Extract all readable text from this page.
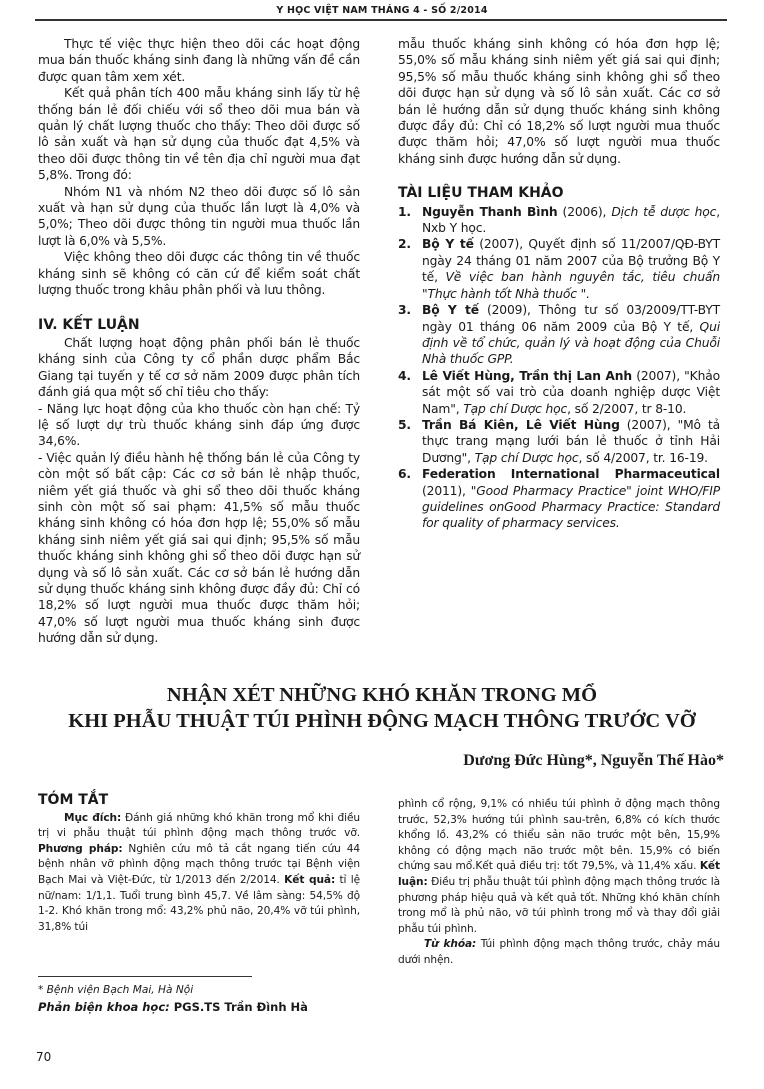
Y HỌC VIỆT NAM THÁNG 4 - SỐ 2/2014

Thực tế việc thực hiện theo dõi các hoạt động mua bán thuốc kháng sinh đang là những vấn đề cần được quan tâm xem xét.

Kết quả phân tích 400 mẫu kháng sinh lấy từ hệ thống bán lẻ đối chiếu với sổ theo dõi mua bán và quản lý chất lượng thuốc cho thấy: Theo dõi được số lô sản xuất và hạn sử dụng của thuốc đạt 4,5% và theo dõi được thông tin về tên địa chỉ người mua đạt 5,8%. Trong đó:

Nhóm N1 và nhóm N2 theo dõi được số lô sản xuất và hạn sử dụng của thuốc lần lượt là 4,0% và 5,0%; Theo dõi được thông tin người mua thuốc lần lượt là 6,0% và 5,5%.

Việc không theo dõi được các thông tin về thuốc kháng sinh sẽ không có căn cứ để kiểm soát chất lượng thuốc trong khâu phân phối và lưu thông.

IV. KẾT LUẬN

Chất lượng hoạt động phân phối bán lẻ thuốc kháng sinh của Công ty cổ phần dược phẩm Bắc Giang tại tuyến y tế cơ sở năm 2009 được phân tích đánh giá qua một số chỉ tiêu cho thấy:

- Năng lực hoạt động của kho thuốc còn hạn chế: Tỷ lệ số lượt dự trù thuốc kháng sinh đáp ứng được 34,6%.

- Việc quản lý điều hành hệ thống bán lẻ của Công ty còn một số bất cập: Các cơ sở bán lẻ nhập thuốc, niêm yết giá thuốc và ghi sổ theo dõi thuốc kháng sinh còn một số sai phạm: 41,5% số mẫu thuốc kháng sinh không có hóa đơn hợp lệ; 55,0% số mẫu kháng sinh niêm yết giá sai qui định; 95,5% số mẫu thuốc kháng sinh không ghi sổ theo dõi được hạn sử dụng và số lô sản xuất. Các cơ sở bán lẻ hướng dẫn sử dụng thuốc kháng sinh không được đầy đủ: Chỉ có 18,2% số lượt người mua thuốc được thăm hỏi; 47,0% số lượt người mua thuốc kháng sinh được hướng dẫn sử dụng.

mẫu thuốc kháng sinh không có hóa đơn hợp lệ; 55,0% số mẫu kháng sinh niêm yết giá sai qui định; 95,5% số mẫu thuốc kháng sinh không ghi sổ theo dõi được hạn sử dụng và số lô sản xuất. Các cơ sở bán lẻ hướng dẫn sử dụng thuốc kháng sinh không được đầy đủ: Chỉ có 18,2% số lượt người mua thuốc được thăm hỏi; 47,0% số lượt người mua thuốc kháng sinh được hướng dẫn sử dụng.

TÀI LIỆU THAM KHẢO

1. Nguyễn Thanh Bình (2006), Dịch tễ dược học, Nxb Y học.
2. Bộ Y tế (2007), Quyết định số 11/2007/QĐ-BYT ngày 24 tháng 01 năm 2007 của Bộ trưởng Bộ Y tế, Về việc ban hành nguyên tắc, tiêu chuẩn "Thực hành tốt Nhà thuốc ".
3. Bộ Y tế (2009), Thông tư số 03/2009/TT-BYT ngày 01 tháng 06 năm 2009 của Bộ Y tế, Qui định về tổ chức, quản lý và hoạt động của Chuỗi Nhà thuốc GPP.
4. Lê Viết Hùng, Trần thị Lan Anh (2007), "Khảo sát một số vai trò của doanh nghiệp dược Việt Nam", Tạp chí Dược học, số 2/2007, tr 8-10.
5. Trần Bá Kiên, Lê Viết Hùng (2007), "Mô tả thực trang mạng lưới bán lẻ thuốc ở tỉnh Hải Dương", Tạp chí Dược học, số 4/2007, tr. 16-19.
6. Federation International Pharmaceutical (2011), "Good Pharmacy Practice" joint WHO/FIP guidelines onGood Pharmacy Practice: Standard for quality of pharmacy services.
NHẬN XÉT NHỮNG KHÓ KHĂN TRONG MỔ
KHI PHẪU THUẬT TÚI PHÌNH ĐỘNG MẠCH THÔNG TRƯỚC VỠ
Dương Đức Hùng*, Nguyễn Thế Hào*

TÓM TẮT

Mục đích: Đánh giá những khó khăn trong mổ khi điều trị vi phẫu thuật túi phình động mạch thông trước vỡ. Phương pháp: Nghiên cứu mô tả cắt ngang tiến cứu 44 bệnh nhân vỡ phình động mạch thông trước tại Bệnh viện Bạch Mai và Việt-Đức, từ 1/2013 đến 2/2014. Kết quả: tỉ lệ nữ/nam: 1/1,1. Tuổi trung bình 45,7. Về lâm sàng: 54,5% độ 1-2. Khó khăn trong mổ: 43,2% phủ não, 20,4% vỡ túi phình, 31,8% túi

phình cổ rộng, 9,1% có nhiều túi phình ở động mạch thông trước, 52,3% hướng túi phình sau-trên, 6,8% có kích thước khổng lồ. 43,2% có thiểu sản não trước một bên, 15,9% không có động mạch não trước một bên. 15,9% có biến chứng sau mổ.Kết quả điều trị: tốt 79,5%, và 11,4% xấu. Kết luận: Điều trị phẫu thuật túi phình động mạch thông trước là phương pháp hiệu quả và kết quả tốt. Những khó khăn chính trong mổ là phủ não, vỡ túi phình trong mổ và thay đổi giải phẫu túi phình.

Từ khóa: Túi phình động mạch thông trước, chảy máu dưới nhện.

* Bệnh viện Bạch Mai, Hà Nội
Phản biện khoa học: PGS.TS Trần Đình Hà
70
